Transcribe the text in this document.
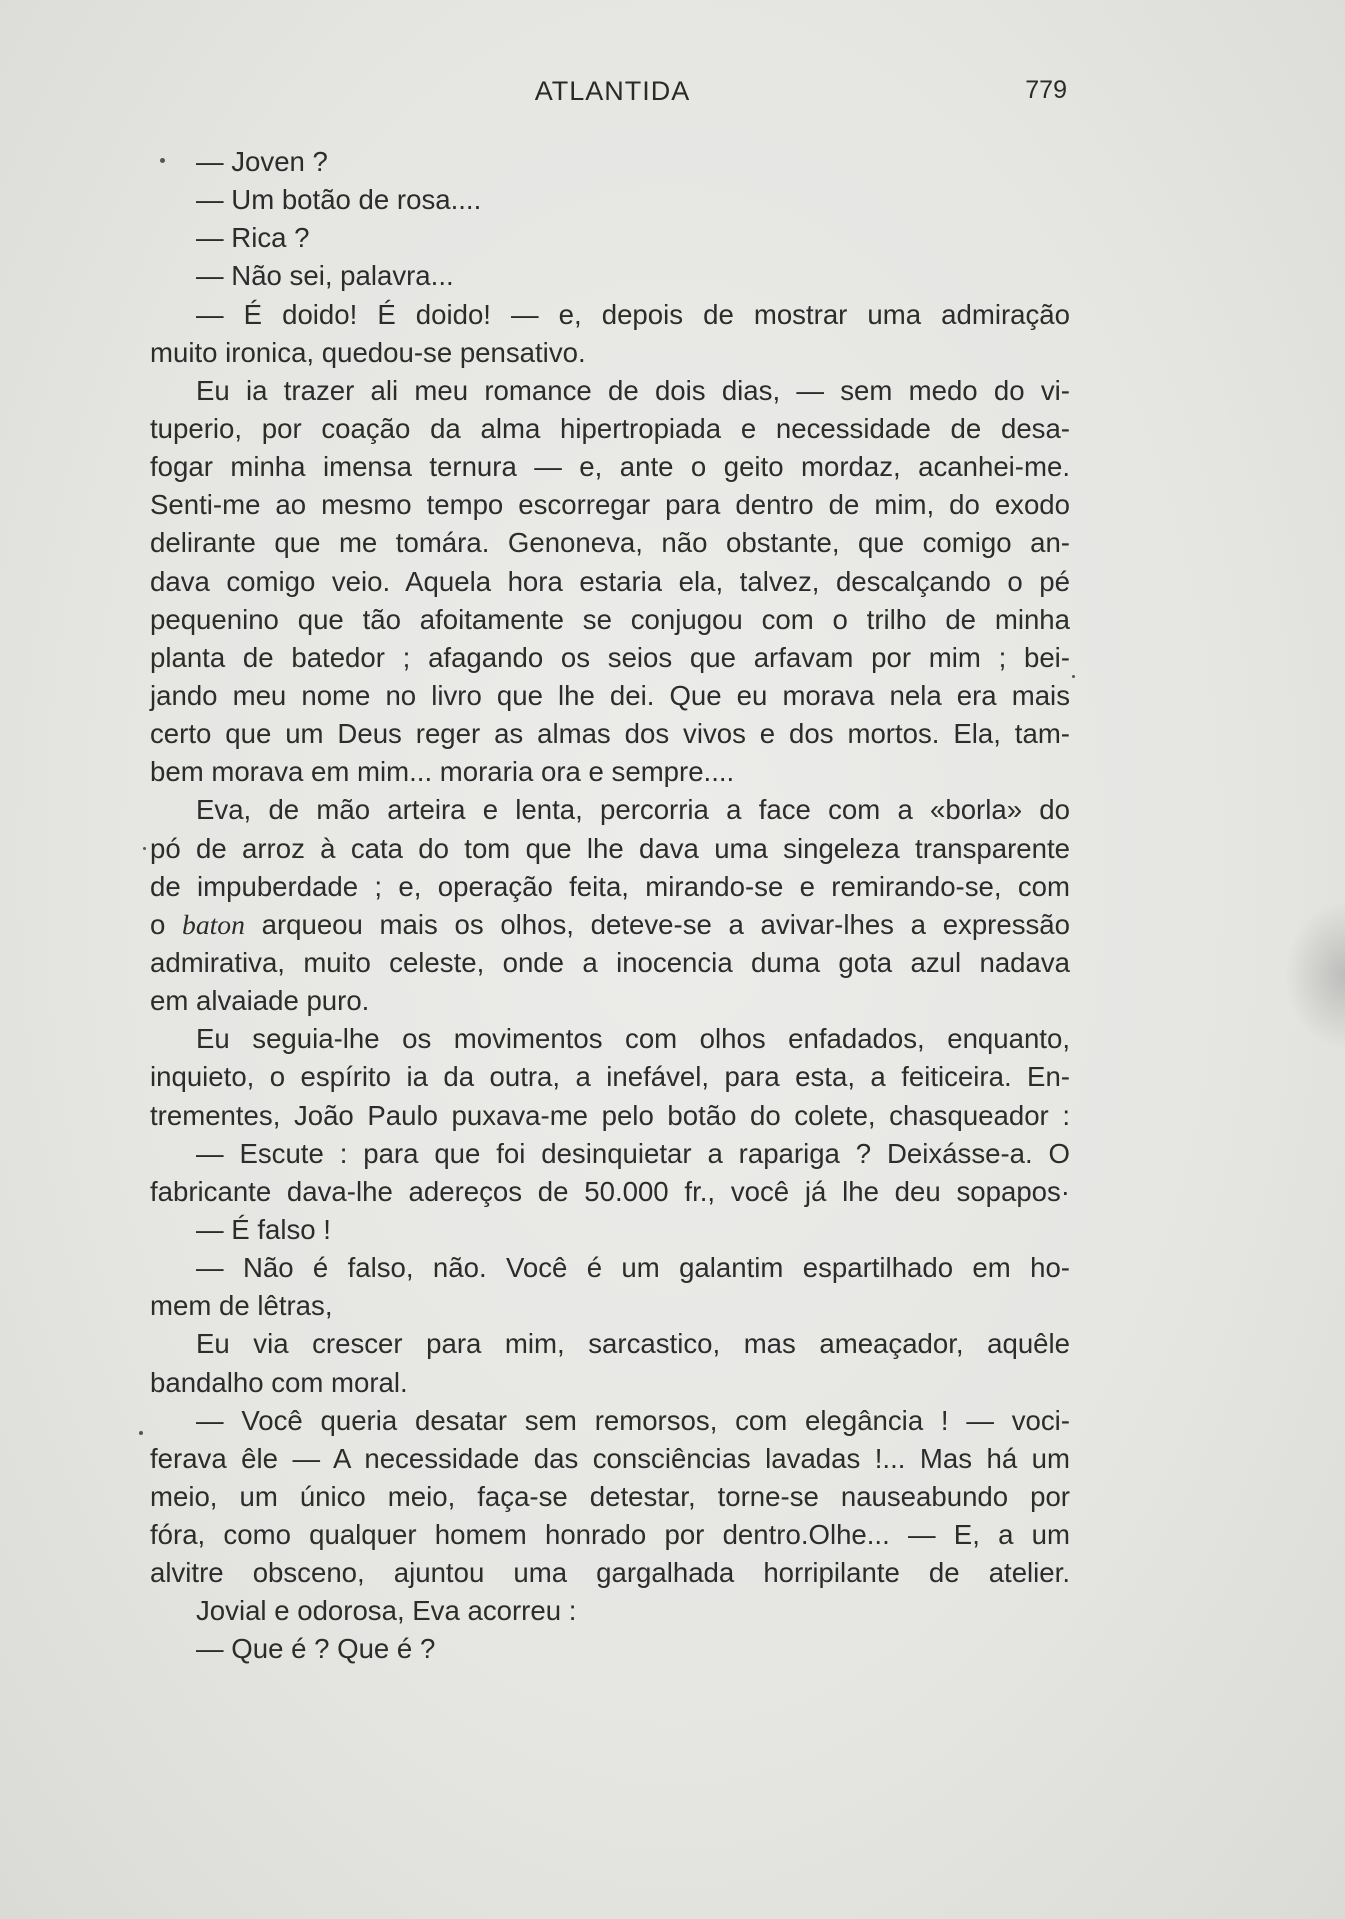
ATLANTIDA	779
— Joven ?
— Um botão de rosa....
— Rica ?
— Não sei, palavra...
— É doido! É doido! — e, depois de mostrar uma admiração
muito ironica, quedou-se pensativo.
Eu ia trazer ali meu romance de dois dias, — sem medo do vi-
tuperio, por coação da alma hipertropiada e necessidade de desa-
fogar minha imensa ternura — e, ante o geito mordaz, acanhei-me.
Senti-me ao mesmo tempo escorregar para dentro de mim, do exodo
delirante que me tomára. Genoneva, não obstante, que comigo an-
dava comigo veio. Aquela hora estaria ela, talvez, descalçando o pé
pequenino que tão afoitamente se conjugou com o trilho de minha
planta de batedor ; afagando os seios que arfavam por mim ; bei-
jando meu nome no livro que lhe dei. Que eu morava nela era mais
certo que um Deus reger as almas dos vivos e dos mortos. Ela, tam-
bem morava em mim... moraria ora e sempre....
Eva, de mão arteira e lenta, percorria a face com a «borla» do
pó de arroz à cata do tom que lhe dava uma singeleza transparente
de impuberdade ; e, operação feita, mirando-se e remirando-se, com
o baton arqueou mais os olhos, deteve-se a avivar-lhes a expressão
admirativa, muito celeste, onde a inocencia duma gota azul nadava
em alvaiade puro.
Eu seguia-lhe os movimentos com olhos enfadados, enquanto,
inquieto, o espírito ia da outra, a inefável, para esta, a feiticeira. En-
trementes, João Paulo puxava-me pelo botão do colete, chasqueador :
— Escute : para que foi desinquietar a rapariga ? Deixásse-a. O
fabricante dava-lhe adereços de 50.000 fr., você já lhe deu sopapos·
— É falso !
— Não é falso, não. Você é um galantim espartilhado em ho-
mem de lêtras,
Eu via crescer para mim, sarcastico, mas ameaçador, aquêle
bandalho com moral.
— Você queria desatar sem remorsos, com elegância ! — voci-
ferava êle — A necessidade das consciências lavadas !... Mas há um
meio, um único meio, faça-se detestar, torne-se nauseabundo por
fóra, como qualquer homem honrado por dentro.Olhe... — E, a um
alvitre obsceno, ajuntou uma gargalhada horripilante de atelier.
Jovial e odorosa, Eva acorreu :
— Que é ? Que é ?
